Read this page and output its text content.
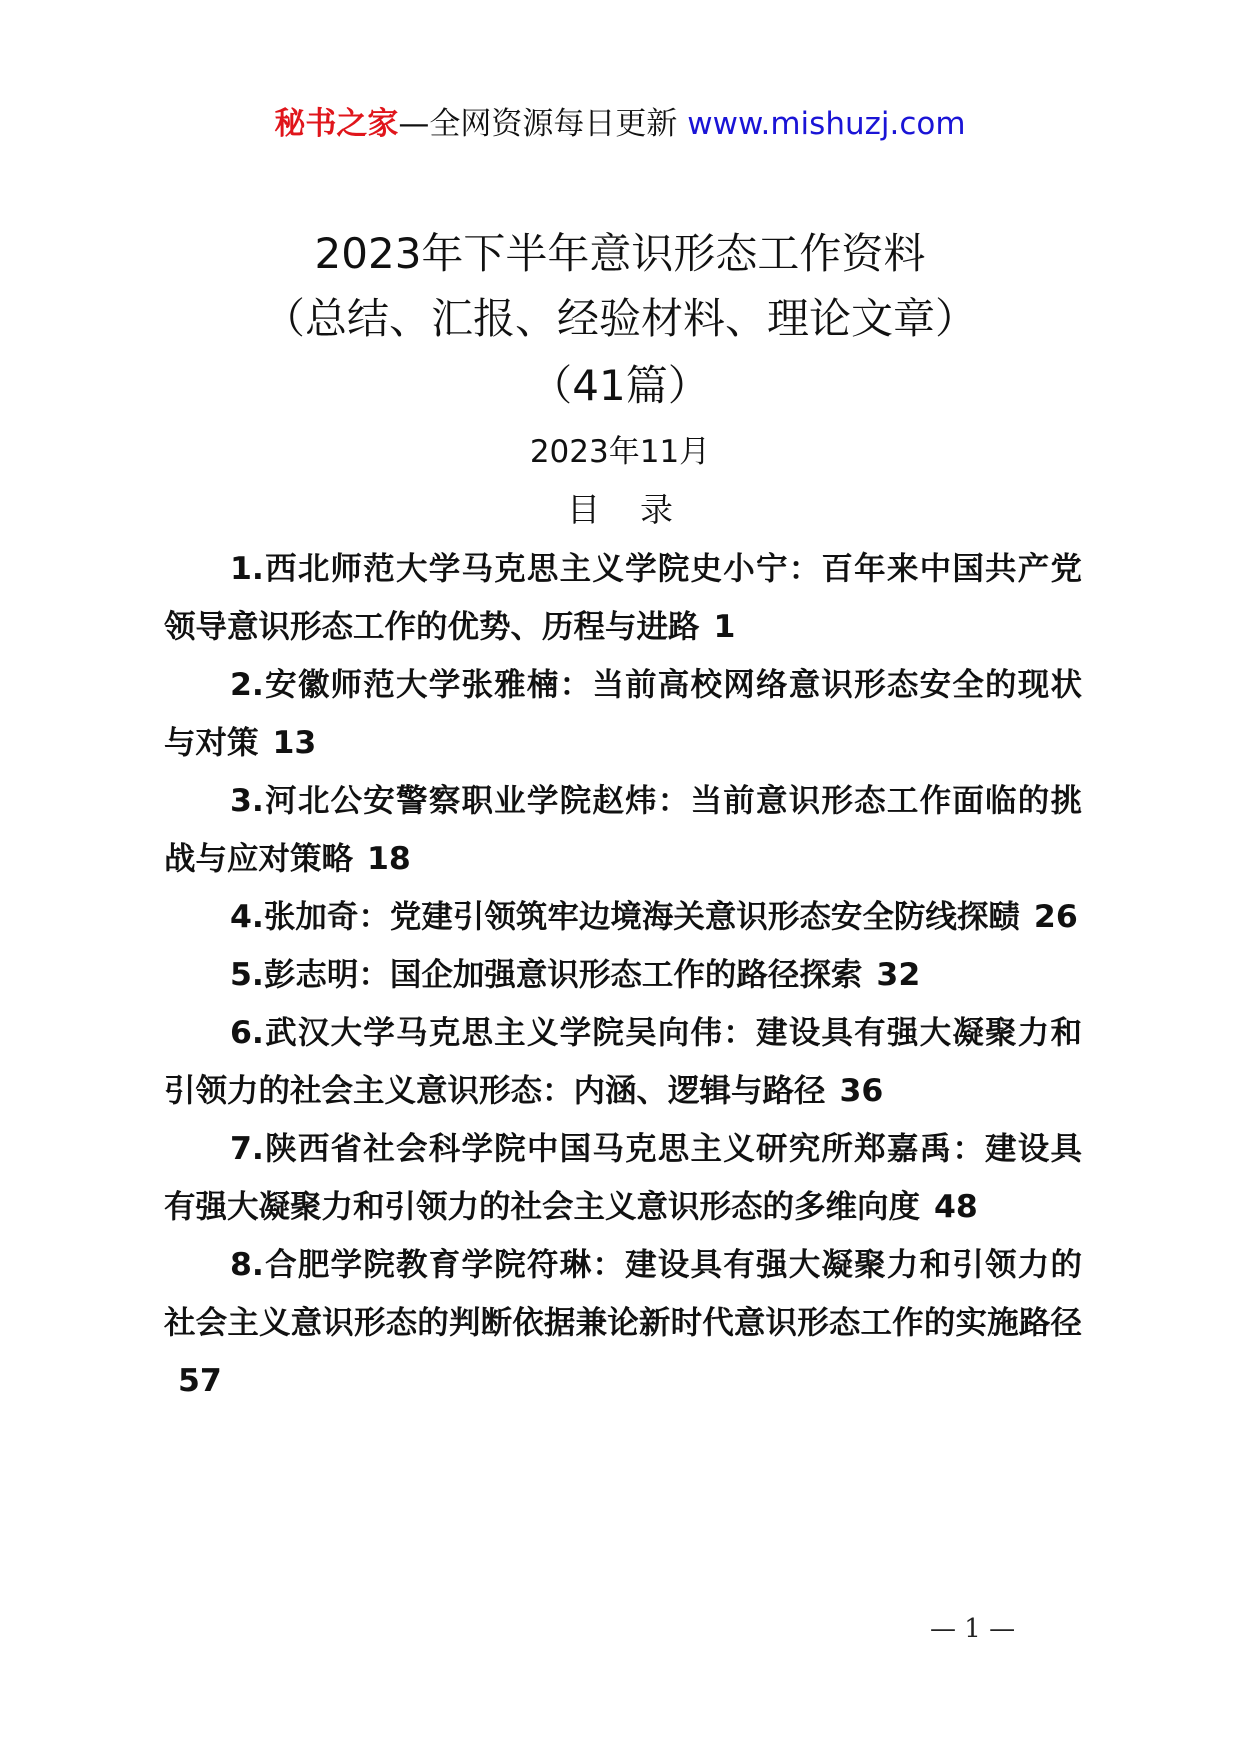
秘书之家—全网资源每日更新 www.mishuzj.com
2023年下半年意识形态工作资料
（总结、汇报、经验材料、理论文章）
（41篇）
2023年11月
目录

1.西北师范大学马克思主义学院史小宁：百年来中国共产党领导意识形态工作的优势、历程与进路 1

2.安徽师范大学张雅楠：当前高校网络意识形态安全的现状与对策 13

3.河北公安警察职业学院赵炜：当前意识形态工作面临的挑战与应对策略 18

4.张加奇：党建引领筑牢边境海关意识形态安全防线探赜 26

5.彭志明：国企加强意识形态工作的路径探索 32

6.武汉大学马克思主义学院吴向伟：建设具有强大凝聚力和引领力的社会主义意识形态：内涵、逻辑与路径 36

7.陕西省社会科学院中国马克思主义研究所郑嘉禹：建设具有强大凝聚力和引领力的社会主义意识形态的多维向度 48

8.合肥学院教育学院符琳：建设具有强大凝聚力和引领力的社会主义意识形态的判断依据兼论新时代意识形态工作的实施路径57

— 1 —
